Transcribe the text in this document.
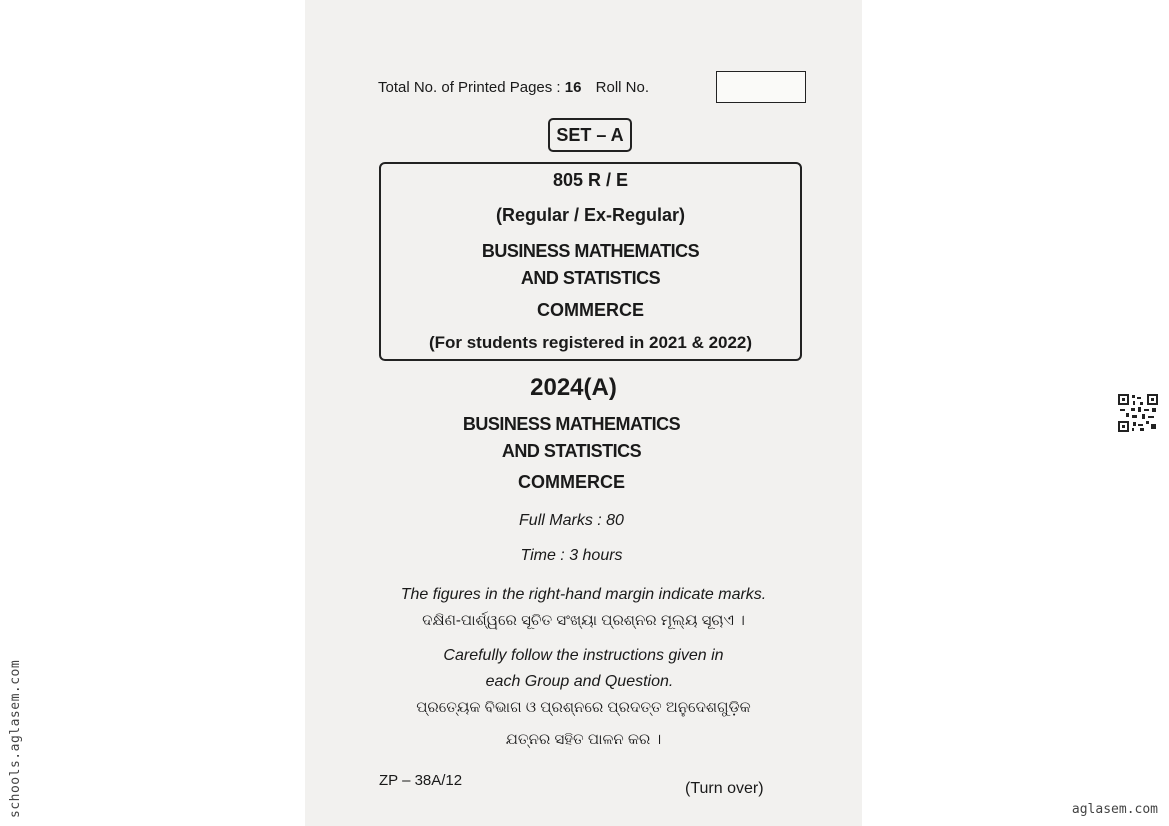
Total No. of Printed Pages : 16 Roll No.
SET – A
805 R / E
(Regular / Ex-Regular)
BUSINESS MATHEMATICS
AND STATISTICS
COMMERCE
(For students registered in 2021 & 2022)
2024(A)
BUSINESS MATHEMATICS
AND STATISTICS
COMMERCE
Full Marks : 80
Time : 3 hours
The figures in the right-hand margin indicate marks.
ଦକ୍ଷିଣ-ପାର୍ଶ୍ୱରେ ସୂଚିତ ସଂଖ୍ୟା ପ୍ରଶ୍ନର ମୂଲ୍ୟ ସୂଚାଏ ।
Carefully follow the instructions given in
each Group and Question.
ପ୍ରତ୍ୟେକ ବିଭାଗ ଓ ପ୍ରଶ୍ନରେ ପ୍ରଦତ୍ତ ଅନୁଦେଶଗୁଡ଼ିକ
ଯତ୍ନର ସହିତ ପାଳନ କର ।
ZP – 38A/12	(Turn over)
schools.aglasem.com	aglasem.com
